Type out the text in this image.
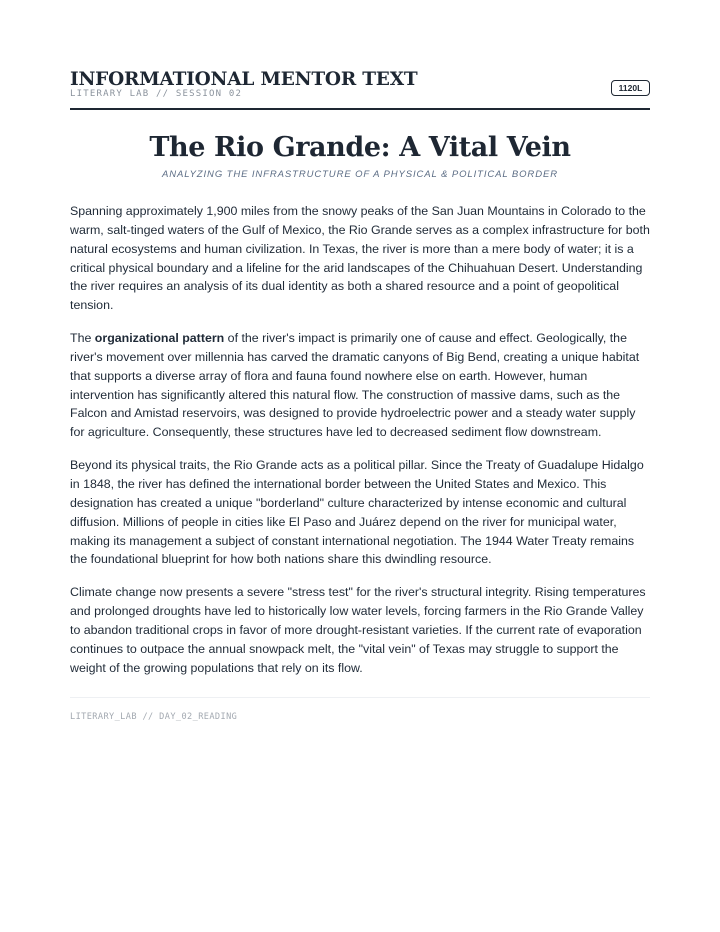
INFORMATIONAL MENTOR TEXT
LITERARY LAB // SESSION 02
1120L
The Rio Grande: A Vital Vein
ANALYZING THE INFRASTRUCTURE OF A PHYSICAL & POLITICAL BORDER

Spanning approximately 1,900 miles from the snowy peaks of the San Juan Mountains in Colorado to the warm, salt-tinged waters of the Gulf of Mexico, the Rio Grande serves as a complex infrastructure for both natural ecosystems and human civilization. In Texas, the river is more than a mere body of water; it is a critical physical boundary and a lifeline for the arid landscapes of the Chihuahuan Desert. Understanding the river requires an analysis of its dual identity as both a shared resource and a point of geopolitical tension.

The organizational pattern of the river's impact is primarily one of cause and effect. Geologically, the river's movement over millennia has carved the dramatic canyons of Big Bend, creating a unique habitat that supports a diverse array of flora and fauna found nowhere else on earth. However, human intervention has significantly altered this natural flow. The construction of massive dams, such as the Falcon and Amistad reservoirs, was designed to provide hydroelectric power and a steady water supply for agriculture. Consequently, these structures have led to decreased sediment flow downstream.

Beyond its physical traits, the Rio Grande acts as a political pillar. Since the Treaty of Guadalupe Hidalgo in 1848, the river has defined the international border between the United States and Mexico. This designation has created a unique "borderland" culture characterized by intense economic and cultural diffusion. Millions of people in cities like El Paso and Juárez depend on the river for municipal water, making its management a subject of constant international negotiation. The 1944 Water Treaty remains the foundational blueprint for how both nations share this dwindling resource.

Climate change now presents a severe "stress test" for the river's structural integrity. Rising temperatures and prolonged droughts have led to historically low water levels, forcing farmers in the Rio Grande Valley to abandon traditional crops in favor of more drought-resistant varieties. If the current rate of evaporation continues to outpace the annual snowpack melt, the "vital vein" of Texas may struggle to support the weight of the growing populations that rely on its flow.

LITERARY_LAB // DAY_02_READING
